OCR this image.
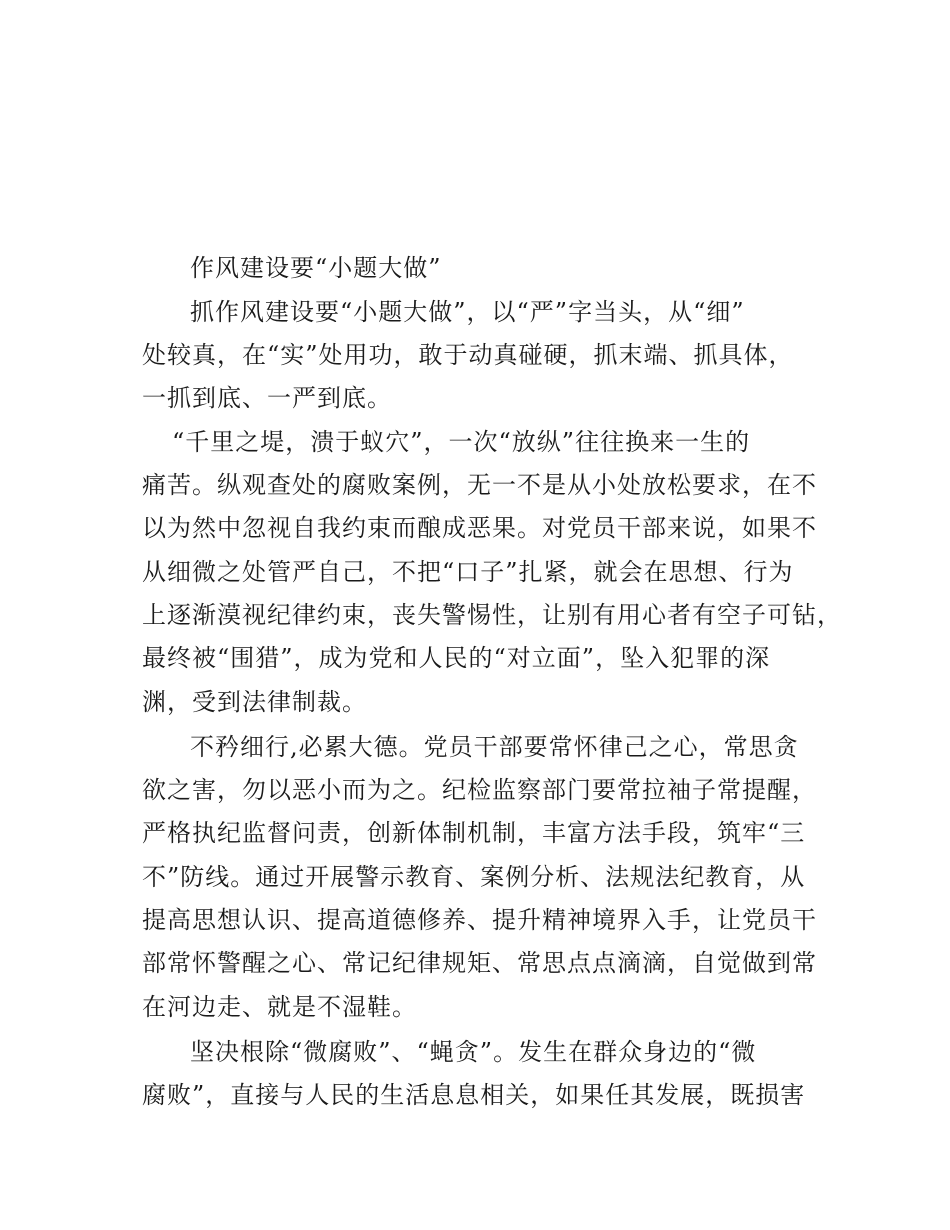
作风建设要“小题大做”

抓作风建设要“小题大做”，以“严”字当头，从“细”

处较真，在“实”处用功，敢于动真碰硬，抓末端、抓具体，

一抓到底、一严到底。

“千里之堤，溃于蚁穴”，一次“放纵”往往换来一生的

痛苦。纵观查处的腐败案例，无一不是从小处放松要求，在不

以为然中忽视自我约束而酿成恶果。对党员干部来说，如果不

从细微之处管严自己，不把“口子”扎紧，就会在思想、行为

上逐渐漠视纪律约束，丧失警惕性，让别有用心者有空子可钻，

最终被“围猎”，成为党和人民的“对立面”，坠入犯罪的深

渊，受到法律制裁。

不矜细行,必累大德。党员干部要常怀律己之心，常思贪

欲之害，勿以恶小而为之。纪检监察部门要常拉袖子常提醒，

严格执纪监督问责，创新体制机制，丰富方法手段，筑牢“三

不”防线。通过开展警示教育、案例分析、法规法纪教育，从

提高思想认识、提高道德修养、提升精神境界入手，让党员干

部常怀警醒之心、常记纪律规矩、常思点点滴滴，自觉做到常

在河边走、就是不湿鞋。

坚决根除“微腐败”、“蝇贪”。发生在群众身边的“微

腐败”，直接与人民的生活息息相关，如果任其发展，既损害
